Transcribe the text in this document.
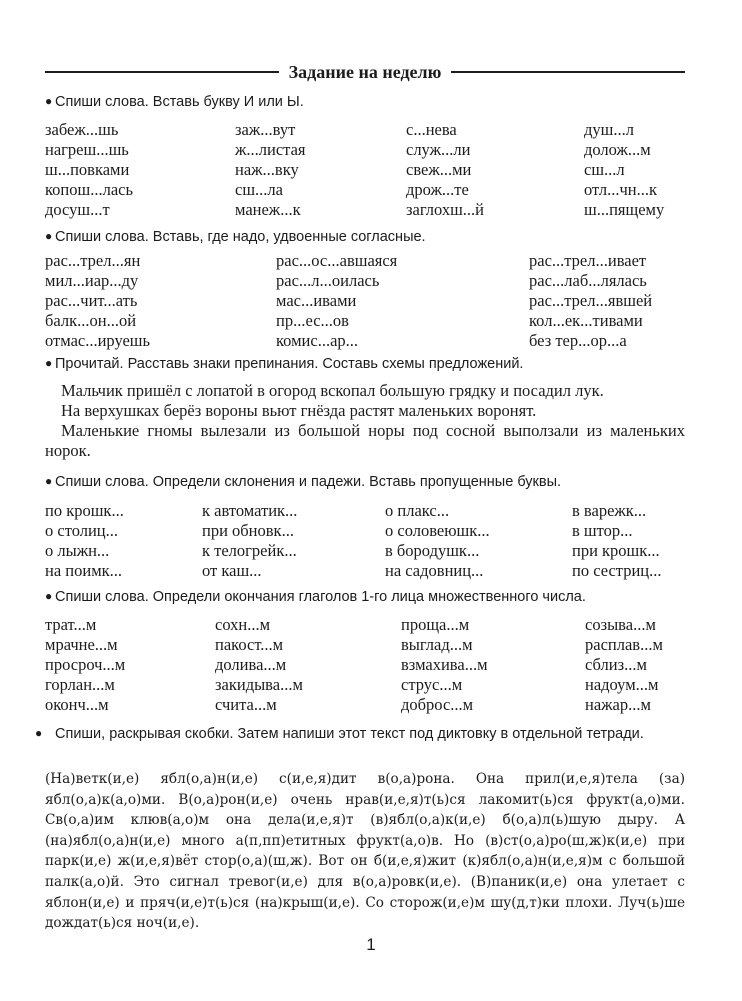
Задание на неделю
● Спиши слова. Вставь букву И или Ы.
забеж...шь	заж...вут	с...нева	душ...л
нагреш...шь	ж...листая	служ...ли	долож...м
ш...повками	наж...вку	свеж...ми	сш...л
копош...лась	сш...ла	дрож...те	отл...чн...к
досуш...т	манеж...к	заглохш...й	ш...пящему
● Спиши слова. Вставь, где надо, удвоенные согласные.
рас...трел...ян	рас...ос...авшаяся	рас...трел...ивает
мил...иар...ду	рас...л...оилась	рас...лаб...лялась
рас...чит...ать	мас...ивами	рас...трел...явшей
балк...он...ой	пр...ес...ов	кол...ек...тивами
отмас...ируешь	комис...ар...	без тер...ор...а
● Прочитай. Расставь знаки препинания. Составь схемы предложений.

Мальчик пришёл с лопатой в огород вскопал большую грядку и посадил лук.

На верхушках берёз вороны вьют гнёзда растят маленьких воронят.

Маленькие гномы вылезали из большой норы под сосной выползали из маленьких норок.

● Спиши слова. Определи склонения и падежи. Вставь пропущенные буквы.
по крошк...	к автоматик...	о плакс...	в варежк...
о столиц...	при обновк...	о соловеюшк...	в штор...
о лыжн...	к телогрейк...	в бородушк...	при крошк...
на поимк...	от каш...	на садовниц...	по сестриц...
● Спиши слова. Определи окончания глаголов 1-го лица множественного числа.
трат...м	сохн...м	проща...м	созыва...м
мрачне...м	пакост...м	выглад...м	расплав...м
просроч...м	долива...м	взмахива...м	сблиз...м
горлан...м	закидыва...м	струс...м	надоум...м
оконч...м	счита...м	доброс...м	нажар...м
● Спиши, раскрывая скобки. Затем напиши этот текст под диктовку в отдельной тетради.
(На)ветк(и,е) ябл(о,а)н(и,е) с(и,е,я)дит в(о,а)рона. Она прил(и,е,я)тела (за) ябл(о,а)к(а,о)ми. В(о,а)рон(и,е) очень нрав(и,е,я)т(ь)ся лакомит(ь)ся фрукт(а,о)ми. Св(о,а)им клюв(а,о)м она дела(и,е,я)т (в)ябл(о,а)к(и,е) б(о,а)л(ь)шую дыру. А (на)ябл(о,а)н(и,е) много а(п,пп)етитных фрукт(а,о)в. Но (в)ст(о,а)ро(ш,ж)к(и,е) при парк(и,е) ж(и,е,я)вёт стор(о,а)(ш,ж). Вот он б(и,е,я)жит (к)ябл(о,а)н(и,е,я)м с большой палк(а,о)й. Это сигнал тревог(и,е) для в(о,а)ровк(и,е). (В)паник(и,е) она улетает с яблон(и,е) и пряч(и,е)т(ь)ся (на)крыш(и,е). Со сторож(и,е)м шу(д,т)ки плохи. Луч(ь)ше дождат(ь)ся ноч(и,е).
1
